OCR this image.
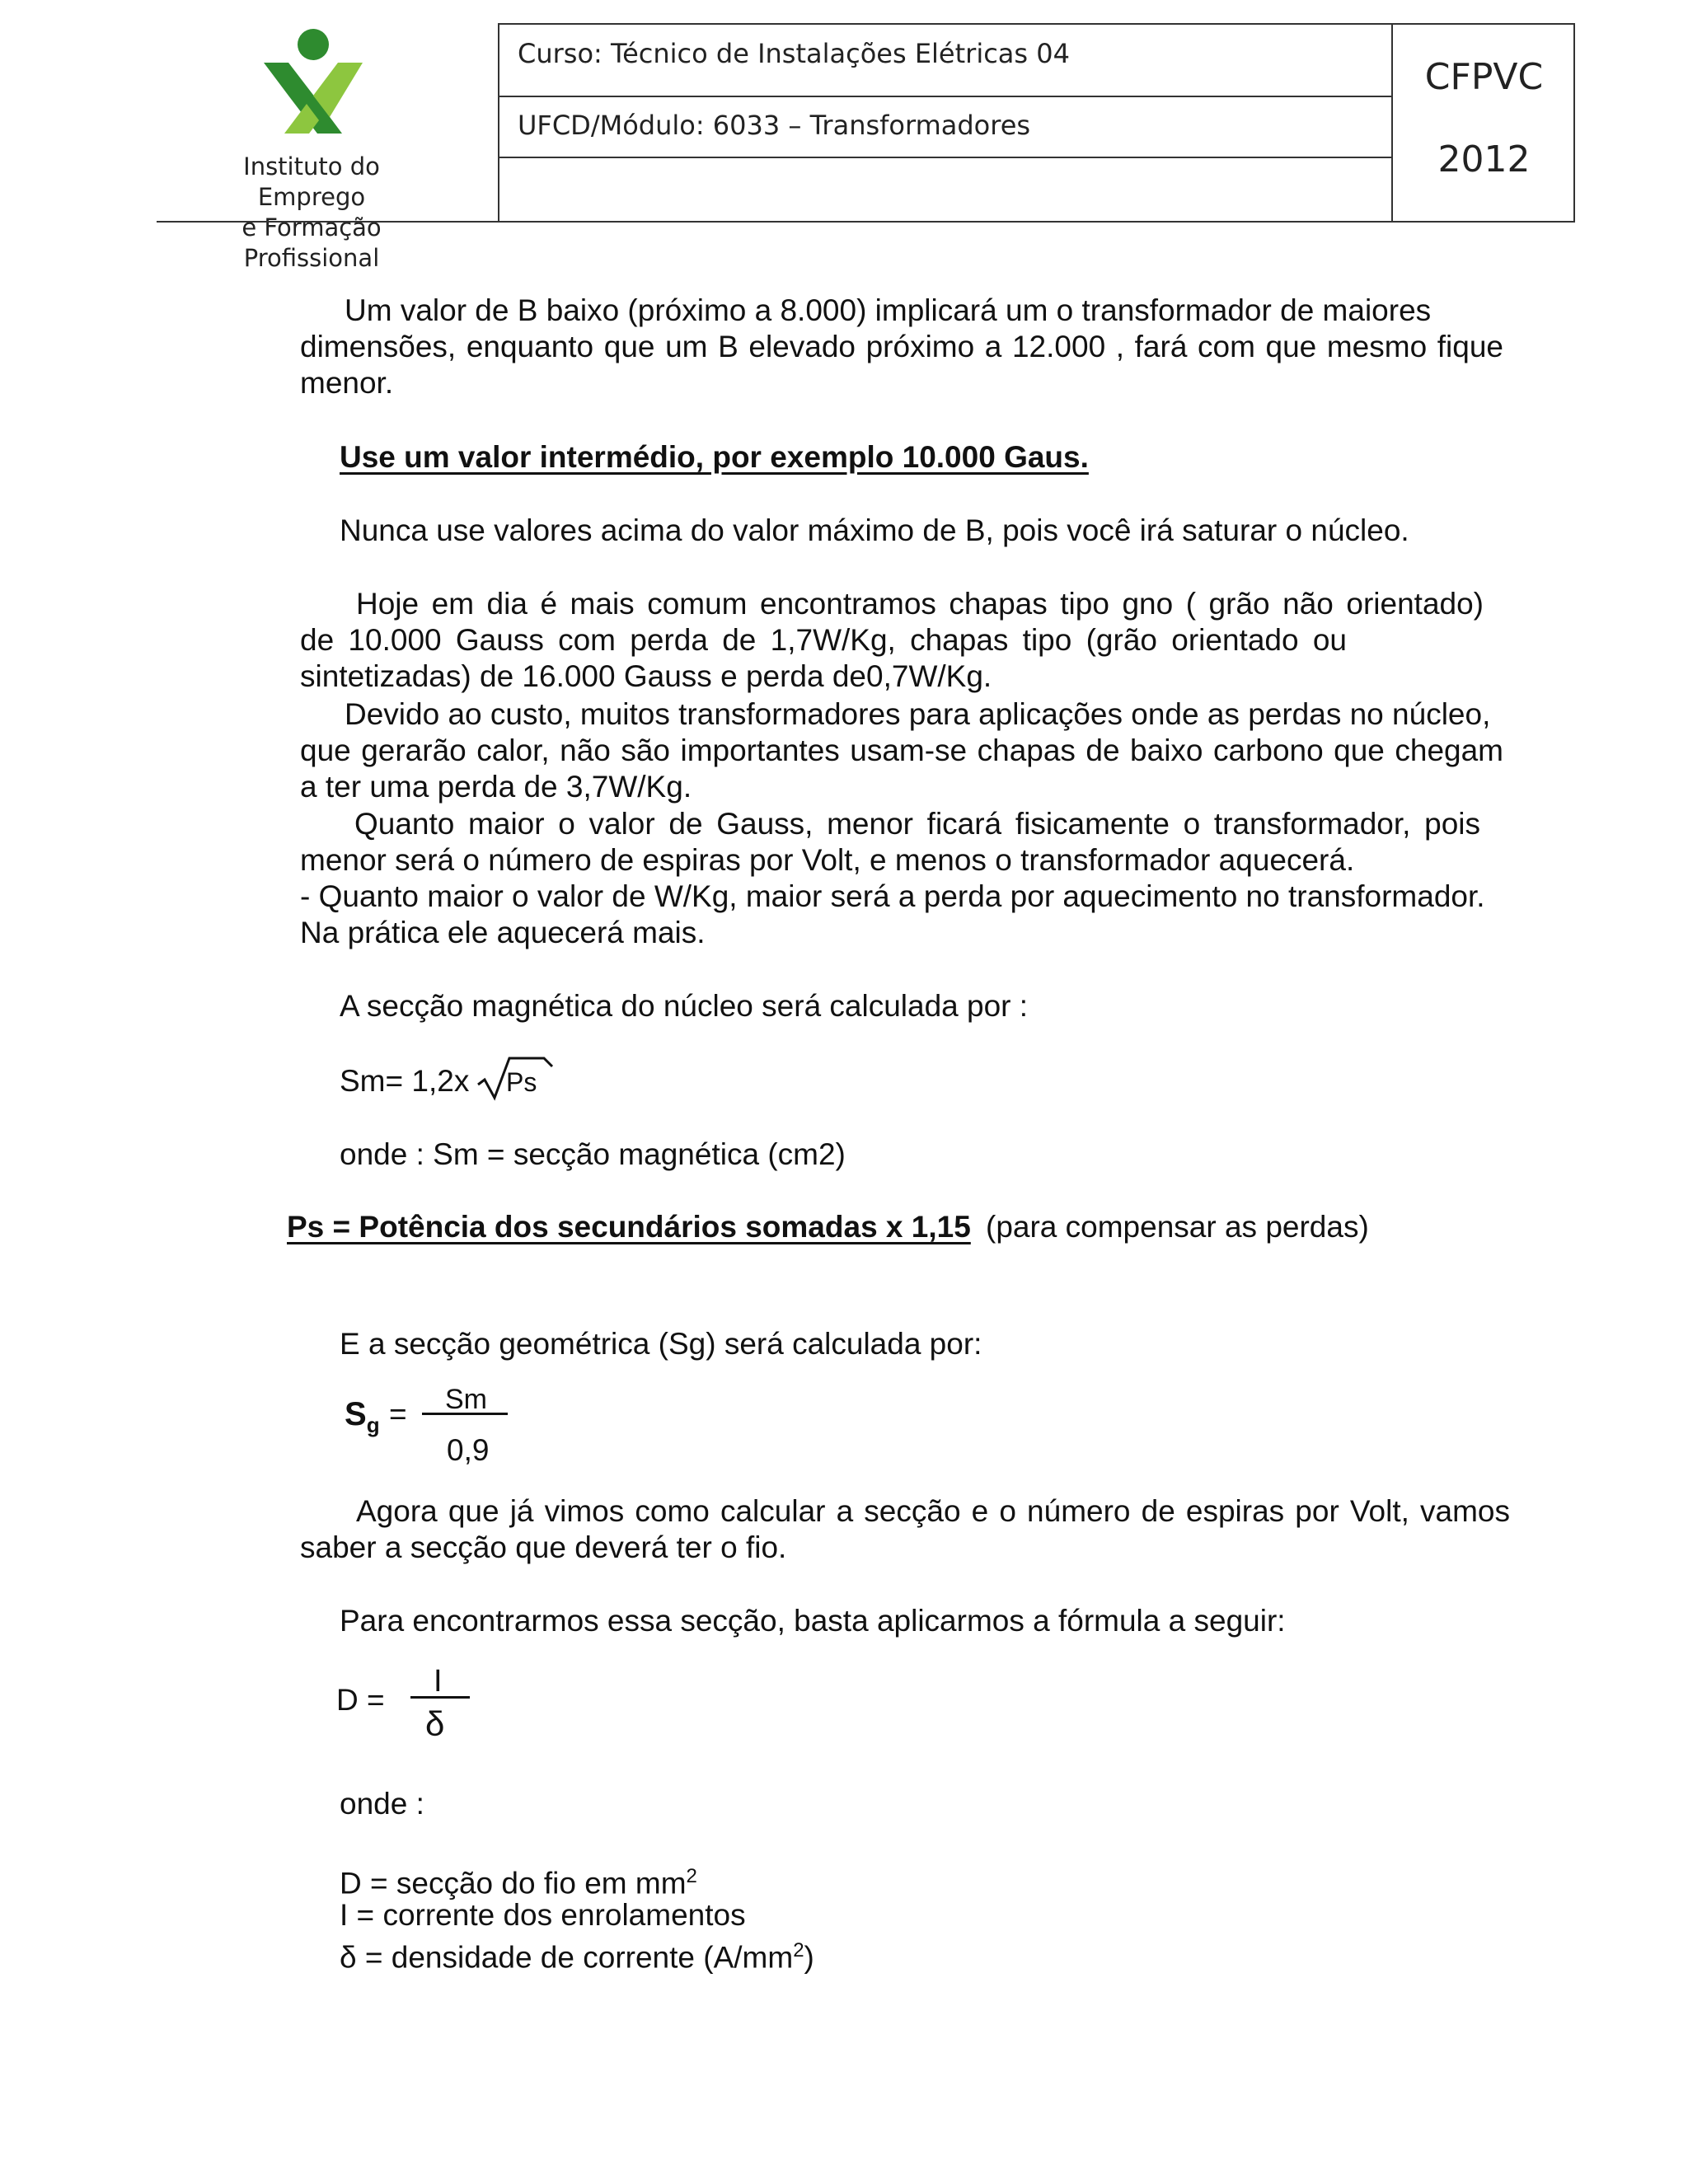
Instituto do Emprego
e Formação Profissional
Curso: Técnico de Instalações Elétricas 04
UFCD/Módulo: 6033 – Transformadores
CFPVC
2012
Um valor de B baixo (próximo a 8.000) implicará um o transformador de maiores
dimensões, enquanto que um B elevado próximo a 12.000 , fará com que mesmo fique
menor.
Use um valor intermédio, por exemplo 10.000 Gaus.
Nunca use valores acima do valor máximo de B, pois você irá saturar o núcleo.
Hoje em dia é mais comum encontramos chapas tipo gno ( grão não orientado)
de 10.000 Gauss com perda de 1,7W/Kg, chapas tipo (grão orientado ou
sintetizadas) de 16.000 Gauss e perda de0,7W/Kg.
Devido ao custo, muitos transformadores para aplicações onde as perdas no núcleo,
que gerarão calor, não são importantes usam-se chapas de baixo carbono que chegam
a ter uma perda de 3,7W/Kg.
Quanto maior o valor de Gauss, menor ficará fisicamente o transformador, pois
menor será o número de espiras por Volt, e menos o transformador aquecerá.
- Quanto maior o valor de W/Kg, maior será a perda por aquecimento no transformador.
Na prática ele aquecerá mais.
A secção magnética do núcleo será calculada por :
Sm= 1,2x Ps
onde : Sm = secção magnética (cm2)
Ps = Potência dos secundários somadas x 1,15 (para compensar as perdas)
E a secção geométrica (Sg) será calculada por:
$S_g = Sm$
0,9
Agora que já vimos como calcular a secção e o número de espiras por Volt, vamos
saber a secção que deverá ter o fio.
Para encontrarmos essa secção, basta aplicarmos a fórmula a seguir:
D =
I
δ
onde :
D = secção do fio em $mm^2$
I = corrente dos enrolamentos
δ = densidade de corrente $(A/mm^2)$
